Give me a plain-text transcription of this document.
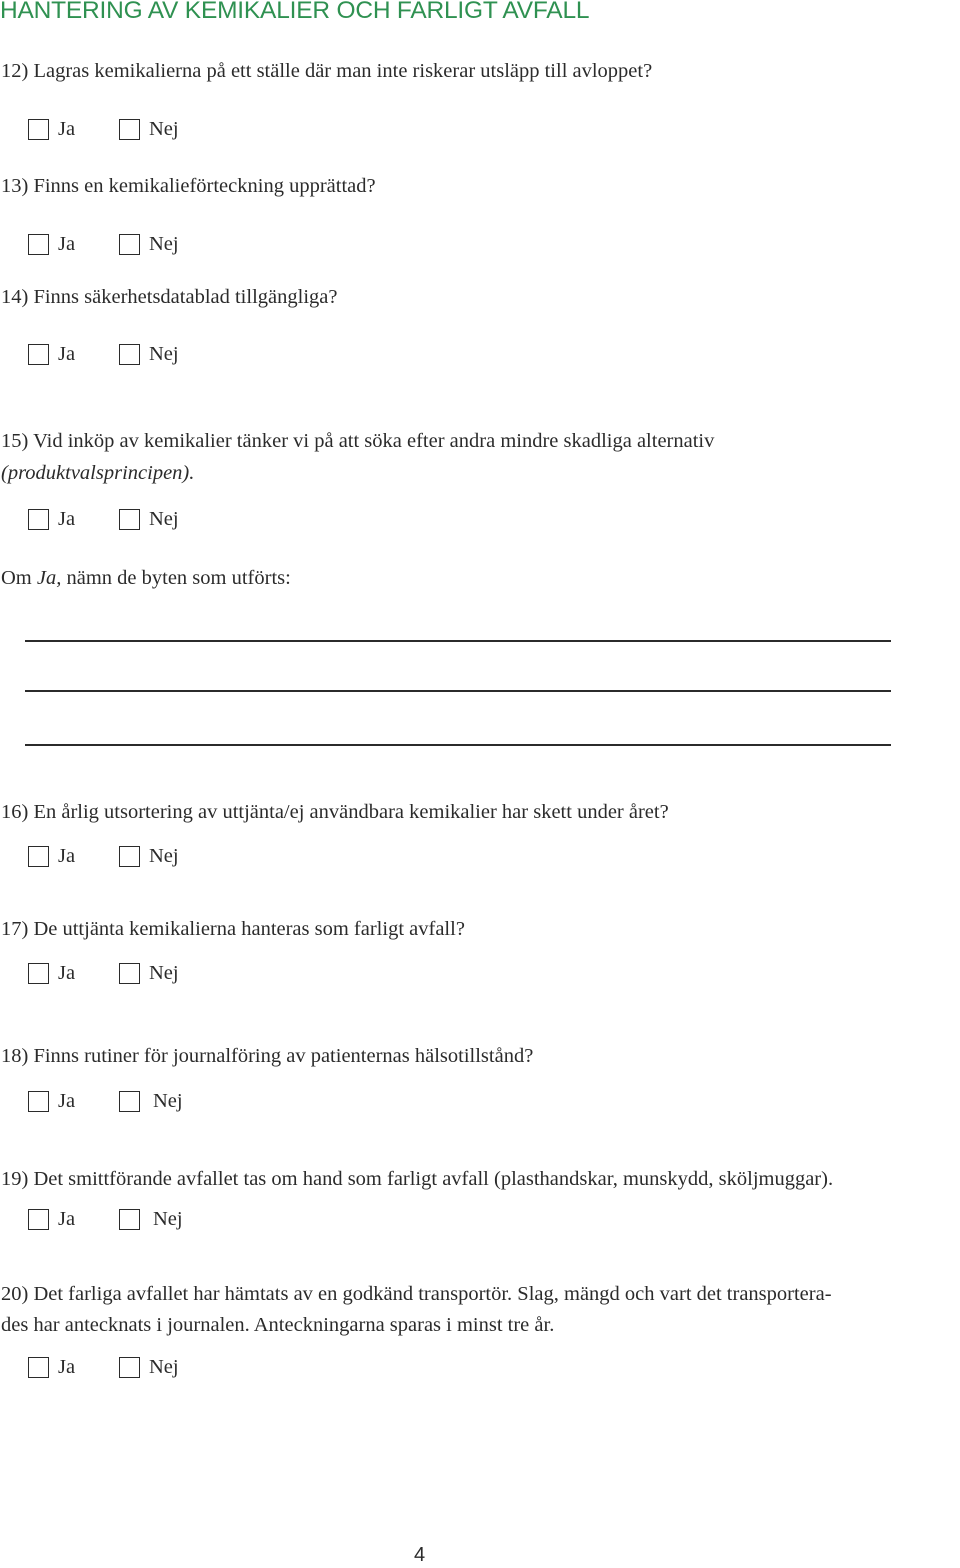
HANTERING AV KEMIKALIER OCH FARLIGT AVFALL
12) Lagras kemikalierna på ett ställe där man inte riskerar utsläpp till avloppet?
Ja	Nej
13) Finns en kemikalieförteckning upprättad?
Ja	Nej
14) Finns säkerhetsdatablad tillgängliga?
Ja	Nej
15) Vid inköp av kemikalier tänker vi på att söka efter andra mindre skadliga alternativ
(produktvalsprincipen).
Ja	Nej
Om Ja, nämn de byten som utförts:
16) En årlig utsortering av uttjänta/ej användbara kemikalier har skett under året?
Ja	Nej
17) De uttjänta kemikalierna hanteras som farligt avfall?
Ja	Nej
18) Finns rutiner för journalföring av patienternas hälsotillstånd?
Ja	Nej
19) Det smittförande avfallet tas om hand som farligt avfall (plasthandskar, munskydd, sköljmuggar).
Ja	Nej
20) Det farliga avfallet har hämtats av en godkänd transportör. Slag, mängd och vart det transportera-
des har antecknats i journalen. Anteckningarna sparas i minst tre år.
Ja	Nej
4
